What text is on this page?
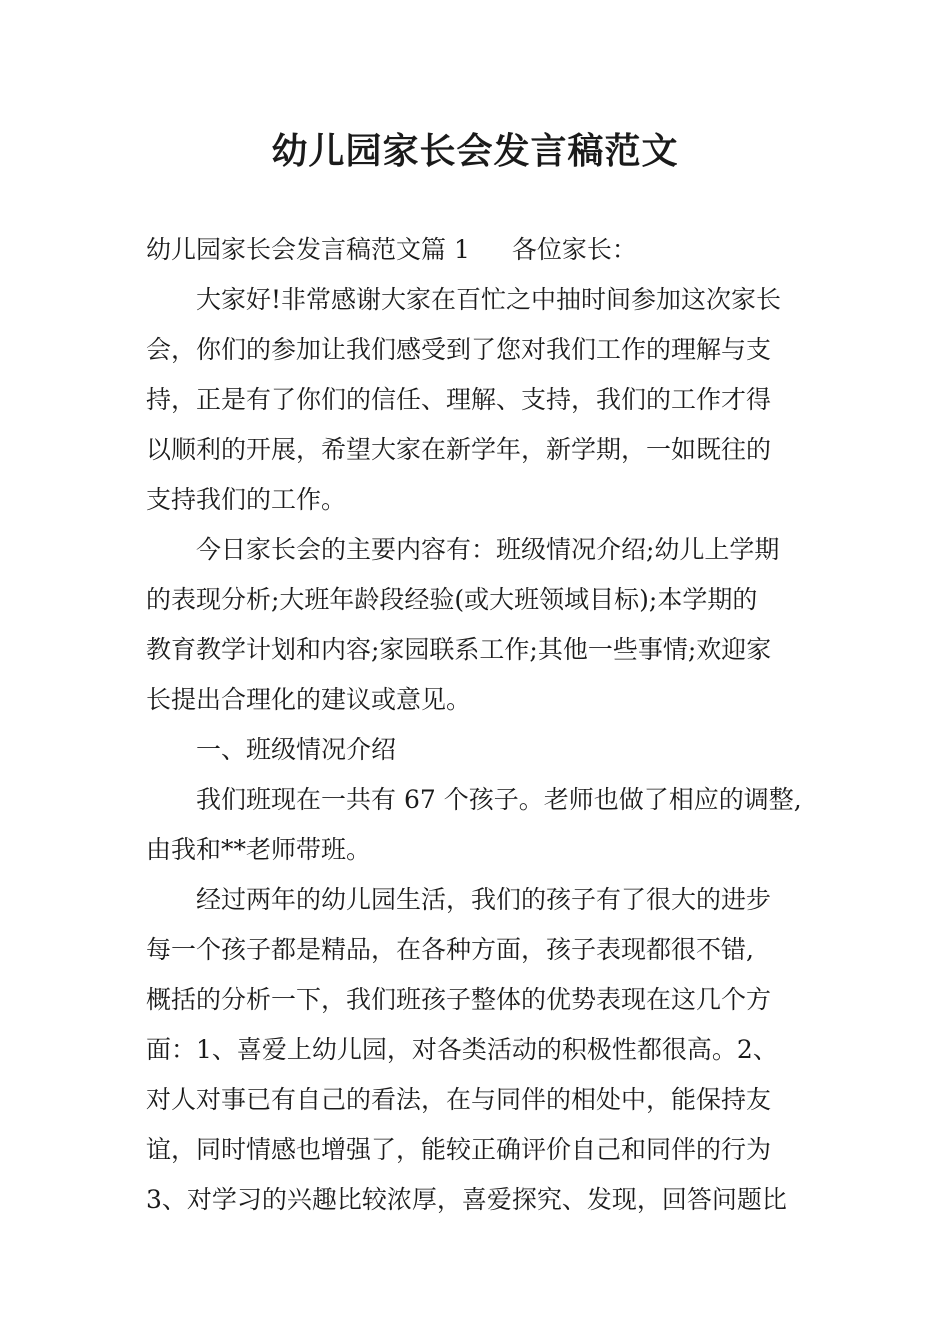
幼儿园家长会发言稿范文
幼儿园家长会发言稿范文篇 1 各位家长：
大家好!非常感谢大家在百忙之中抽时间参加这次家长
会，你们的参加让我们感受到了您对我们工作的理解与支
持，正是有了你们的信任、理解、支持，我们的工作才得
以顺利的开展，希望大家在新学年，新学期，一如既往的
支持我们的工作。
今日家长会的主要内容有：班级情况介绍;幼儿上学期
的表现分析;大班年龄段经验(或大班领域目标);本学期的
教育教学计划和内容;家园联系工作;其他一些事情;欢迎家
长提出合理化的建议或意见。
一、班级情况介绍
我们班现在一共有 67 个孩子。老师也做了相应的调整,
由我和**老师带班。
经过两年的幼儿园生活，我们的孩子有了很大的进步
每一个孩子都是精品，在各种方面，孩子表现都很不错,
概括的分析一下，我们班孩子整体的优势表现在这几个方
面：1、喜爱上幼儿园，对各类活动的积极性都很高。2、
对人对事已有自己的看法，在与同伴的相处中，能保持友
谊，同时情感也增强了，能较正确评价自己和同伴的行为
3、对学习的兴趣比较浓厚，喜爱探究、发现，回答问题比
